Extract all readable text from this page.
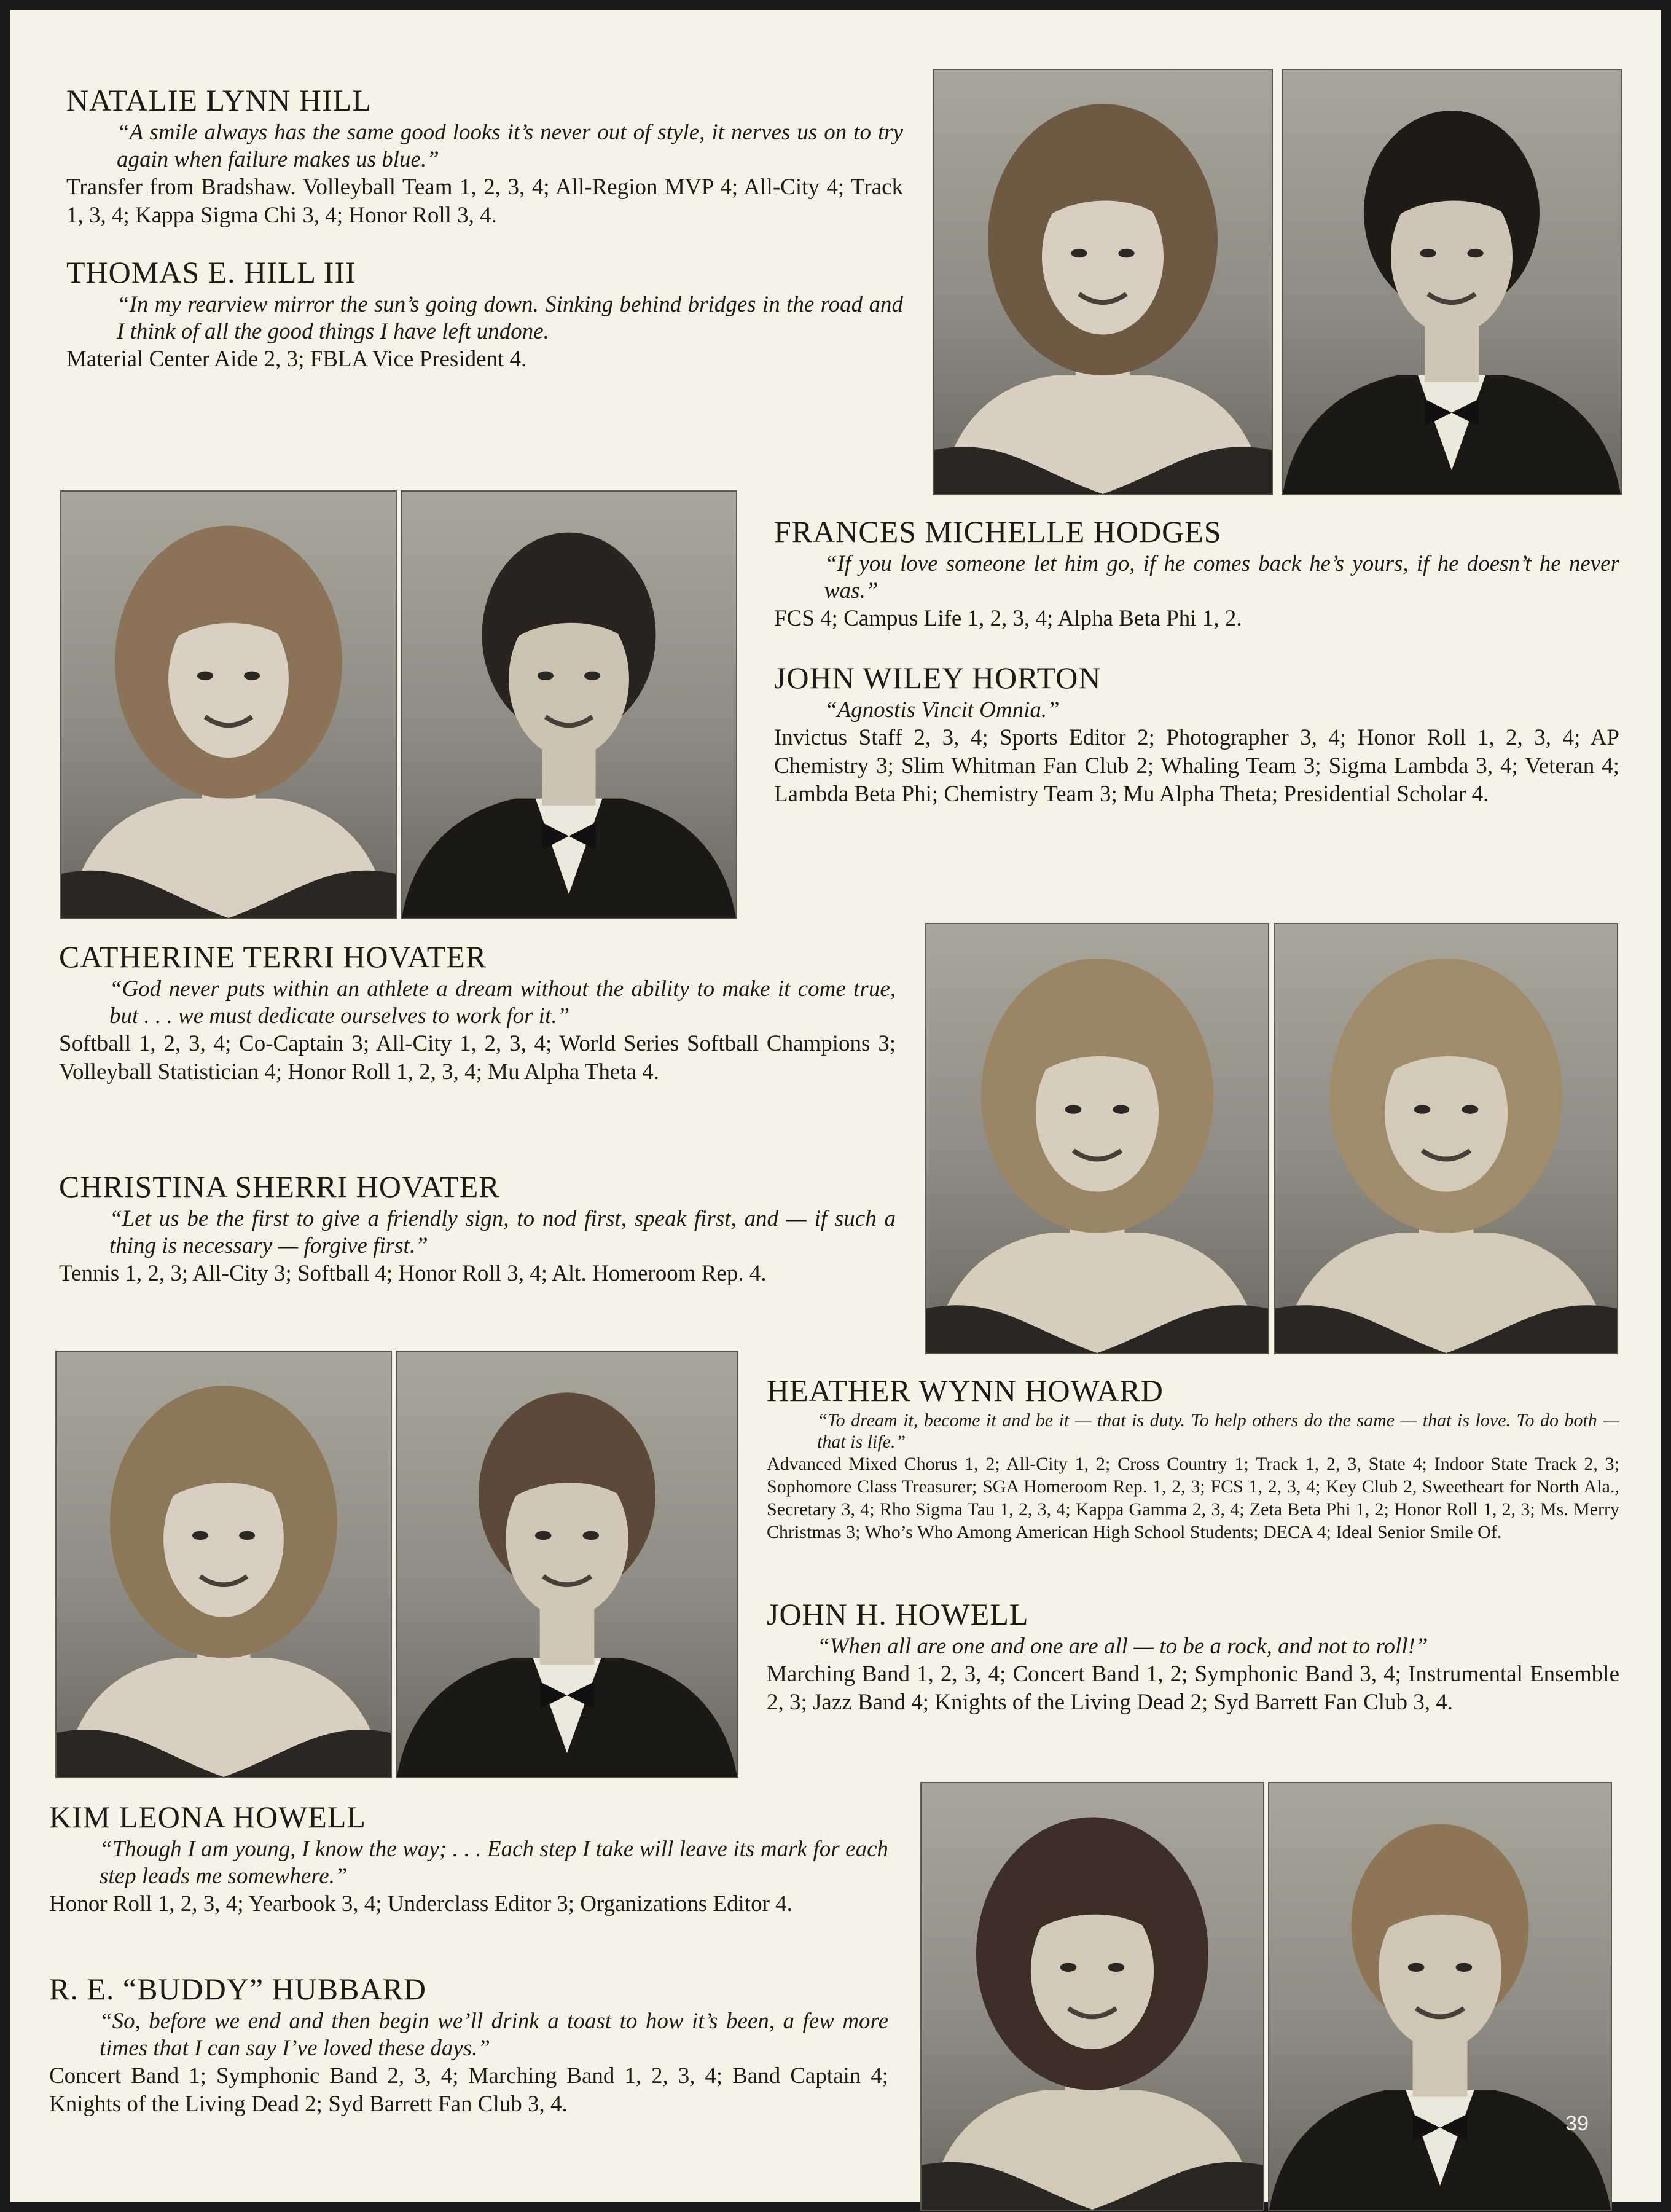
NATALIE LYNN HILL

“A smile always has the same good looks it’s never out of style, it nerves us on to try again when failure makes us blue.”

Transfer from Bradshaw. Volleyball Team 1, 2, 3, 4; All-Region MVP 4; All-City 4; Track 1, 3, 4; Kappa Sigma Chi 3, 4; Honor Roll 3, 4.

THOMAS E. HILL III

“In my rearview mirror the sun’s going down. Sinking behind bridges in the road and I think of all the good things I have left undone.

Material Center Aide 2, 3; FBLA Vice President 4.

FRANCES MICHELLE HODGES

“If you love someone let him go, if he comes back he’s yours, if he doesn’t he never was.”

FCS 4; Campus Life 1, 2, 3, 4; Alpha Beta Phi 1, 2.

JOHN WILEY HORTON

“Agnostis Vincit Omnia.”

Invictus Staff 2, 3, 4; Sports Editor 2; Photographer 3, 4; Honor Roll 1, 2, 3, 4; AP Chemistry 3; Slim Whitman Fan Club 2; Whaling Team 3; Sigma Lambda 3, 4; Veteran 4; Lambda Beta Phi; Chemistry Team 3; Mu Alpha Theta; Presidential Scholar 4.

CATHERINE TERRI HOVATER

“God never puts within an athlete a dream without the ability to make it come true, but . . . we must dedicate ourselves to work for it.”

Softball 1, 2, 3, 4; Co-Captain 3; All-City 1, 2, 3, 4; World Series Softball Champions 3; Volleyball Statistician 4; Honor Roll 1, 2, 3, 4; Mu Alpha Theta 4.

CHRISTINA SHERRI HOVATER

“Let us be the first to give a friendly sign, to nod first, speak first, and — if such a thing is necessary — forgive first.”

Tennis 1, 2, 3; All-City 3; Softball 4; Honor Roll 3, 4; Alt. Homeroom Rep. 4.

HEATHER WYNN HOWARD

“To dream it, become it and be it — that is duty. To help others do the same — that is love. To do both — that is life.”

Advanced Mixed Chorus 1, 2; All-City 1, 2; Cross Country 1; Track 1, 2, 3, State 4; Indoor State Track 2, 3; Sophomore Class Treasurer; SGA Homeroom Rep. 1, 2, 3; FCS 1, 2, 3, 4; Key Club 2, Sweetheart for North Ala., Secretary 3, 4; Rho Sigma Tau 1, 2, 3, 4; Kappa Gamma 2, 3, 4; Zeta Beta Phi 1, 2; Honor Roll 1, 2, 3; Ms. Merry Christmas 3; Who’s Who Among American High School Students; DECA 4; Ideal Senior Smile Of.

JOHN H. HOWELL

“When all are one and one are all — to be a rock, and not to roll!”

Marching Band 1, 2, 3, 4; Concert Band 1, 2; Symphonic Band 3, 4; Instrumental Ensemble 2, 3; Jazz Band 4; Knights of the Living Dead 2; Syd Barrett Fan Club 3, 4.

KIM LEONA HOWELL

“Though I am young, I know the way; . . . Each step I take will leave its mark for each step leads me somewhere.”

Honor Roll 1, 2, 3, 4; Yearbook 3, 4; Underclass Editor 3; Organizations Editor 4.

R. E. “BUDDY” HUBBARD

“So, before we end and then begin we’ll drink a toast to how it’s been, a few more times that I can say I’ve loved these days.”

Concert Band 1; Symphonic Band 2, 3, 4; Marching Band 1, 2, 3, 4; Band Captain 4; Knights of the Living Dead 2; Syd Barrett Fan Club 3, 4.

39
